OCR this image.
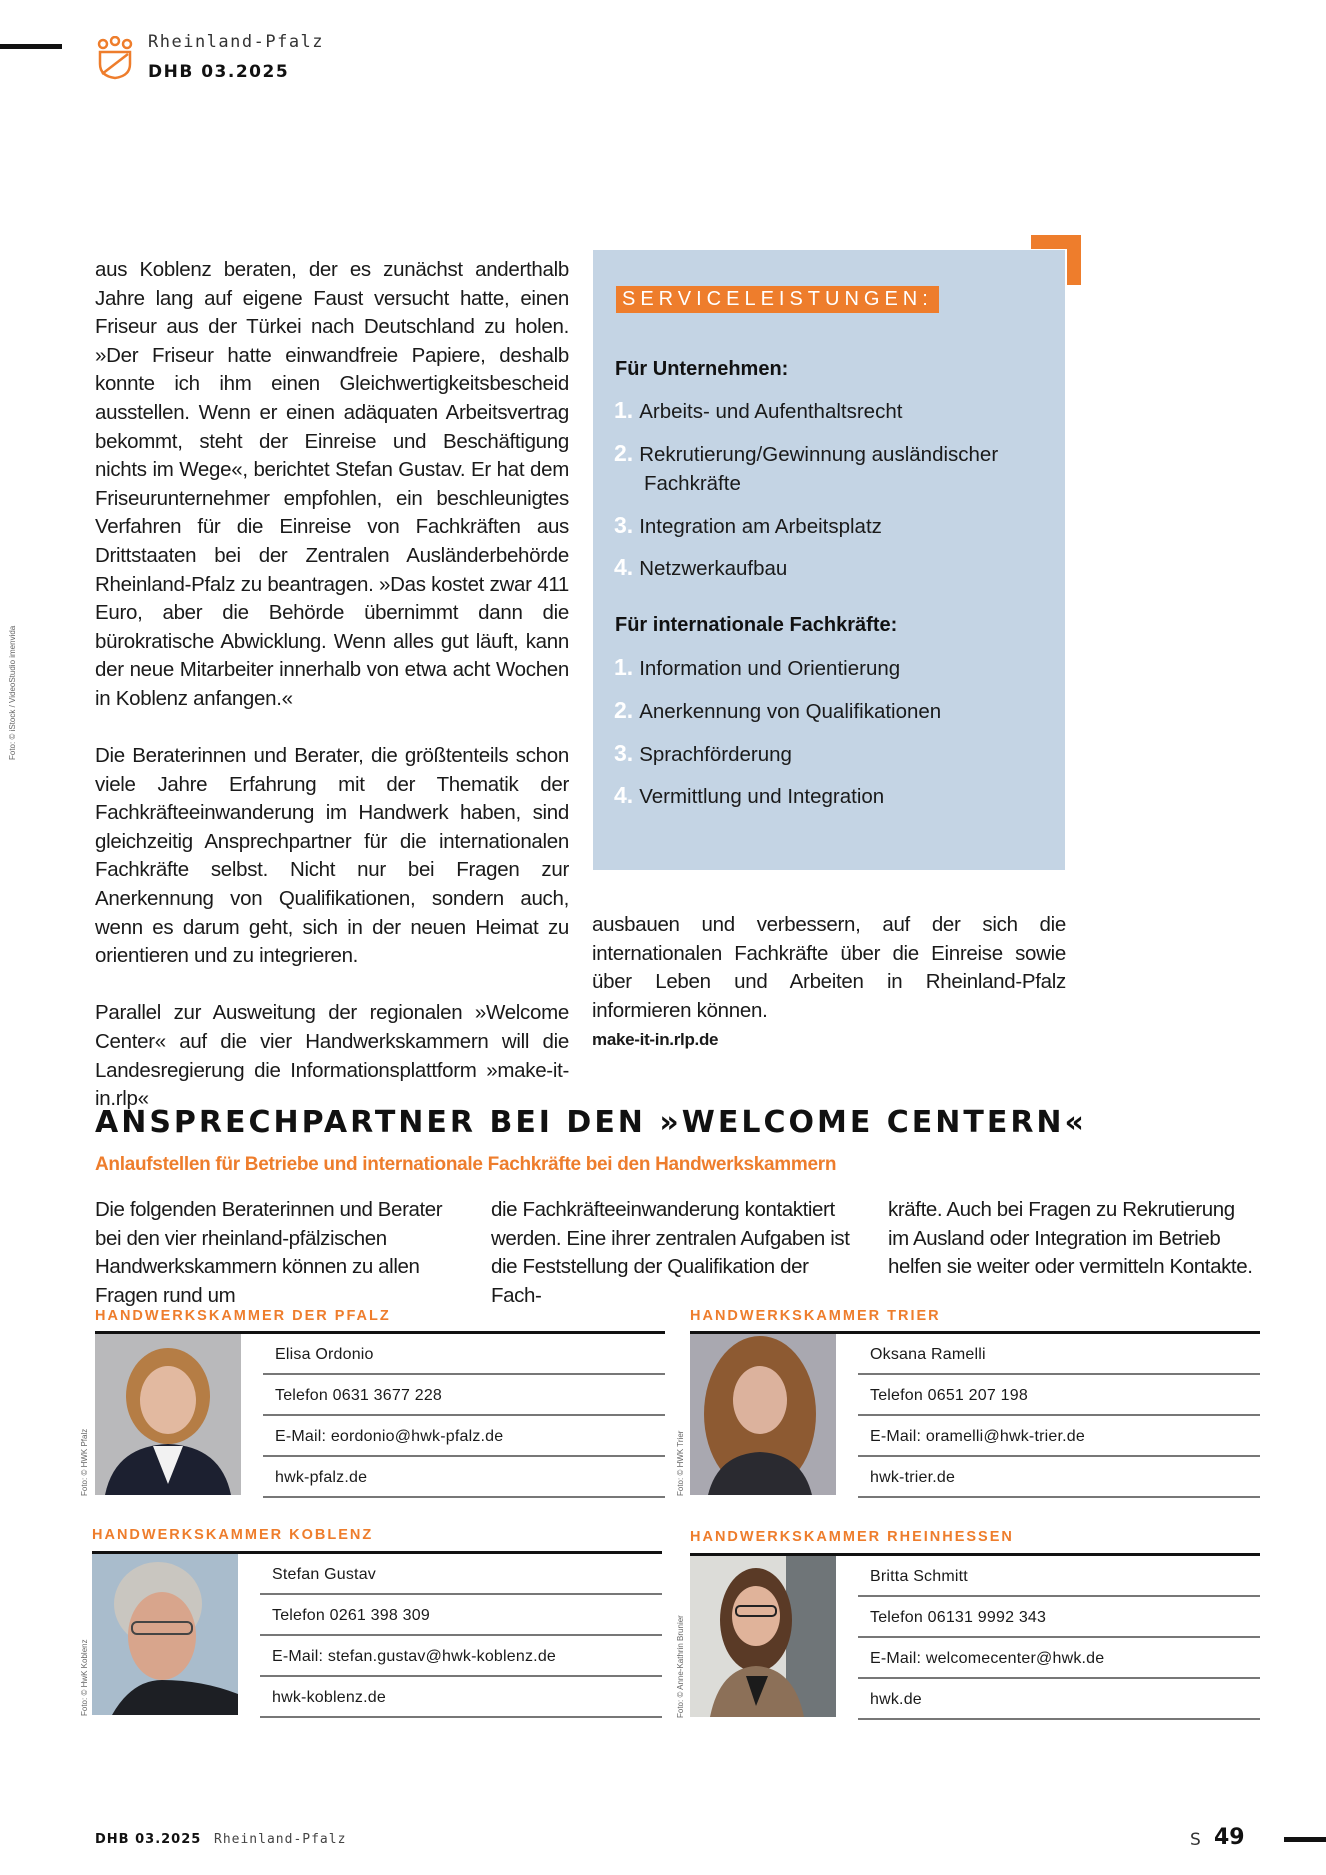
Rheinland-Pfalz
DHB 03.2025
Foto: © iStock / VideoStudio imenvida

aus Koblenz beraten, der es zunächst anderthalb Jahre lang auf eigene Faust versucht hatte, einen Friseur aus der Türkei nach Deutschland zu holen. »Der Friseur hatte einwandfreie Papiere, deshalb konnte ich ihm einen Gleichwertigkeitsbescheid ausstellen. Wenn er einen adäquaten Arbeitsvertrag bekommt, steht der Einreise und Beschäftigung nichts im Wege«, berichtet Stefan Gustav. Er hat dem Friseurunternehmer empfohlen, ein beschleunigtes Verfahren für die Einreise von Fachkräften aus Drittstaaten bei der Zentralen Ausländerbehörde Rheinland-Pfalz zu beantragen. »Das kostet zwar 411 Euro, aber die Behörde übernimmt dann die bürokratische Abwicklung. Wenn alles gut läuft, kann der neue Mitarbeiter innerhalb von etwa acht Wochen in Koblenz anfangen.«

Die Beraterinnen und Berater, die größtenteils schon viele Jahre Erfahrung mit der Thematik der Fachkräfteeinwanderung im Handwerk haben, sind gleichzeitig Ansprechpartner für die internationalen Fachkräfte selbst. Nicht nur bei Fragen zur Anerkennung von Qualifikationen, sondern auch, wenn es darum geht, sich in der neuen Heimat zu orientieren und zu integrieren.

Parallel zur Ausweitung der regionalen »Welcome Center« auf die vier Handwerkskammern will die Landesregierung die Informationsplattform »make-it-in.rlp«

SERVICELEISTUNGEN:
Für Unternehmen:
1. Arbeits- und Aufenthaltsrecht
2. Rekrutierung/Gewinnung ausländischer
Fachkräfte
3. Integration am Arbeitsplatz
4. Netzwerkaufbau
Für internationale Fachkräfte:
1. Information und Orientierung
2. Anerkennung von Qualifikationen
3. Sprachförderung
4. Vermittlung und Integration
ausbauen und verbessern, auf der sich die internationalen Fachkräfte über die Einreise sowie über Leben und Arbeiten in Rheinland-Pfalz informieren können.
make-it-in.rlp.de
ANSPRECHPARTNER BEI DEN »WELCOME CENTERN«
Anlaufstellen für Betriebe und internationale Fachkräfte bei den Handwerkskammern
Die folgenden Beraterinnen und Berater bei den vier rheinland-pfälzischen Handwerkskammern können zu allen Fragen rund um
die Fachkräfteeinwanderung kontaktiert werden. Eine ihrer zentralen Aufgaben ist die Feststellung der Qualifikation der Fach-
kräfte. Auch bei Fragen zu Rekrutierung im Ausland oder Integration im Betrieb helfen sie weiter oder vermitteln Kontakte.
HANDWERKSKAMMER DER PFALZ
Foto: © HWK Pfalz
Elisa Ordonio
Telefon 0631 3677 228
E-Mail: eordonio@hwk-pfalz.de
hwk-pfalz.de
HANDWERKSKAMMER TRIER
Foto: © HWK Trier
Oksana Ramelli
Telefon 0651 207 198
E-Mail: oramelli@hwk-trier.de
hwk-trier.de
HANDWERKSKAMMER KOBLENZ
Foto: © HwK Koblenz
Stefan Gustav
Telefon 0261 398 309
E-Mail: stefan.gustav@hwk-koblenz.de
hwk-koblenz.de
HANDWERKSKAMMER RHEINHESSEN
Foto: © Anne-Kathrin Brunier
Britta Schmitt
Telefon 06131 9992 343
E-Mail: welcomecenter@hwk.de
hwk.de
DHB 03.2025 Rheinland-Pfalz	S 49
